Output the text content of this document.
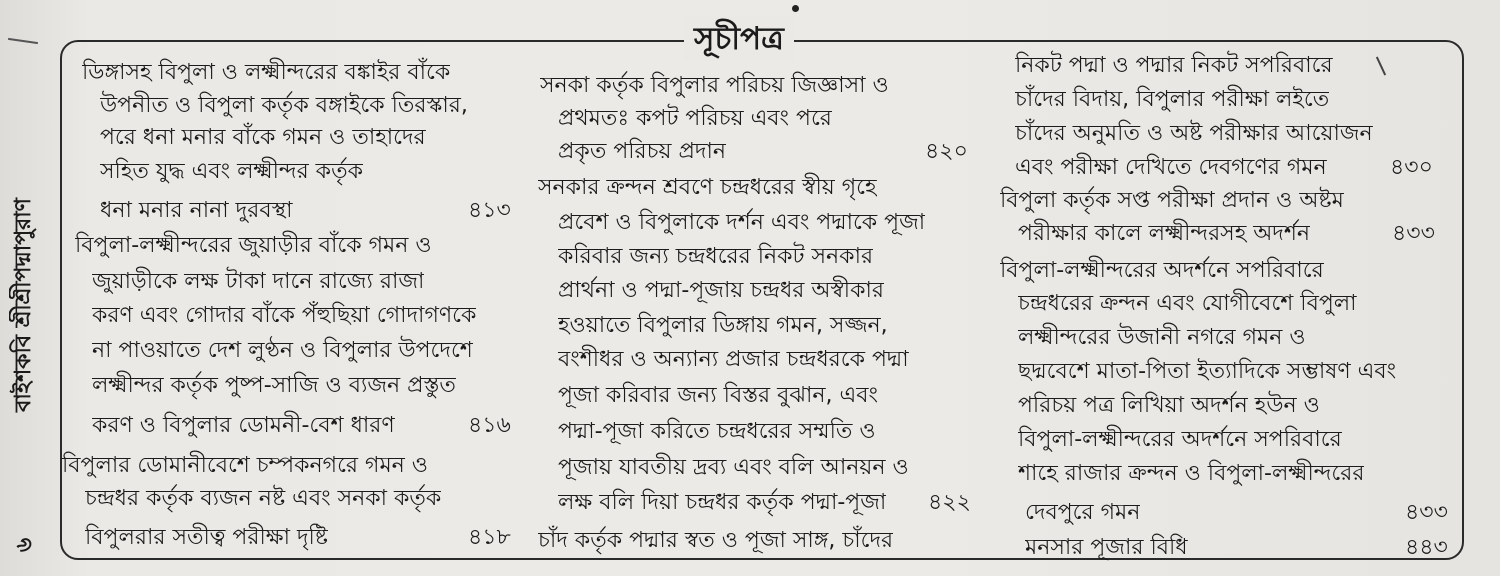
সূচীপত্র
বাইশকবি শ্রীশ্রীপদ্মাপুরাণ
৬
ডিঙ্গাসহ বিপুলা ও লক্ষ্মীন্দরের বঙ্কাইর বাঁকে
উপনীত ও বিপুলা কর্তৃক বঙ্গাইকে তিরস্কার,
পরে ধনা মনার বাঁকে গমন ও তাহাদের
সহিত যুদ্ধ এবং লক্ষ্মীন্দর কর্তৃক
ধনা মনার নানা দুরবস্থা	৪১৩
বিপুলা-লক্ষ্মীন্দরের জুয়াড়ীর বাঁকে গমন ও
জুয়াড়ীকে লক্ষ টাকা দানে রাজ্যে রাজা
করণ এবং গোদার বাঁকে পঁহুছিয়া গোদাগণকে
না পাওয়াতে দেশ লুণ্ঠন ও বিপুলার উপদেশে
লক্ষ্মীন্দর কর্তৃক পুষ্প-সাজি ও ব্যজন প্রস্তুত
করণ ও বিপুলার ডোমনী-বেশ ধারণ	৪১৬
বিপুলার ডোমানীবেশে চম্পকনগরে গমন ও
চন্দ্রধর কর্তৃক ব্যজন নষ্ট এবং সনকা কর্তৃক
বিপুলরার সতীত্ব পরীক্ষা দৃষ্টি	৪১৮
সনকা কর্তৃক বিপুলার পরিচয় জিজ্ঞাসা ও
প্রথমতঃ কপট পরিচয় এবং পরে
প্রকৃত পরিচয় প্রদান	৪২০
সনকার ক্রন্দন শ্রবণে চন্দ্রধরের স্বীয় গৃহে
প্রবেশ ও বিপুলাকে দর্শন এবং পদ্মাকে পূজা
করিবার জন্য চন্দ্রধরের নিকট সনকার
প্রার্থনা ও পদ্মা-পূজায় চন্দ্রধর অস্বীকার
হওয়াতে বিপুলার ডিঙ্গায় গমন, সজ্জন,
বংশীধর ও অন্যান্য প্রজার চন্দ্রধরকে পদ্মা
পূজা করিবার জন্য বিস্তর বুঝান, এবং
পদ্মা-পূজা করিতে চন্দ্রধরের সম্মতি ও
পূজায় যাবতীয় দ্রব্য এবং বলি আনয়ন ও
লক্ষ বলি দিয়া চন্দ্রধর কর্তৃক পদ্মা-পূজা ৪২২
চাঁদ কর্তৃক পদ্মার স্বত ও পূজা সাঙ্গ, চাঁদের
নিকট পদ্মা ও পদ্মার নিকট সপরিবারে
চাঁদের বিদায়, বিপুলার পরীক্ষা লইতে
চাঁদের অনুমতি ও অষ্ট পরীক্ষার আয়োজন
এবং পরীক্ষা দেখিতে দেবগণের গমন	৪৩০
বিপুলা কর্তৃক সপ্ত পরীক্ষা প্রদান ও অষ্টম
পরীক্ষার কালে লক্ষ্মীন্দরসহ অদর্শন	৪৩৩
বিপুলা-লক্ষ্মীন্দরের অদর্শনে সপরিবারে
চন্দ্রধরের ক্রন্দন এবং যোগীবেশে বিপুলা
লক্ষ্মীন্দরের উজানী নগরে গমন ও
ছদ্মবেশে মাতা-পিতা ইত্যাদিকে সম্ভাষণ এবং
পরিচয় পত্র লিখিয়া অদর্শন হউন ও
বিপুলা-লক্ষ্মীন্দরের অদর্শনে সপরিবারে
শাহে রাজার ক্রন্দন ও বিপুলা-লক্ষ্মীন্দরের
দেবপুরে গমন	৪৩৩
মনসার পূজার বিধি	৪৪৩
